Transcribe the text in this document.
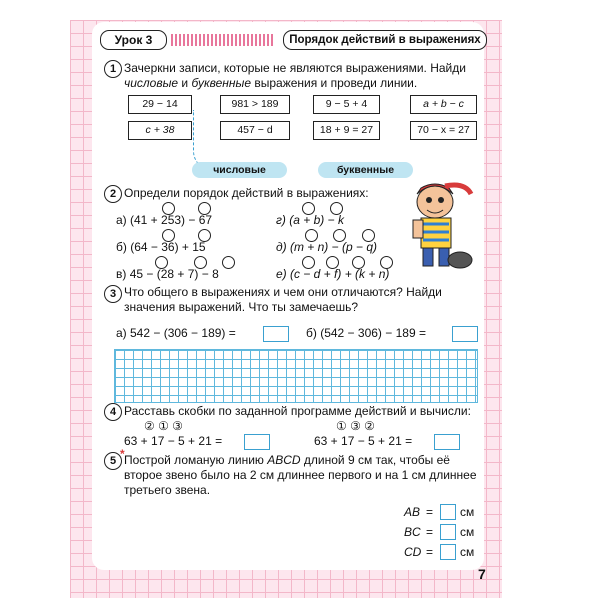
Урок 3	Порядок действий в выражениях
1 Зачеркни записи, которые не являются выражениями. Найди
числовые и буквенные выражения и проведи линии.
29 − 14	981 > 189	9 − 5 + 4	a + b − c
c + 38	457 − d	18 + 9 = 27	70 − x = 27
числовые	буквенные
2 Определи порядок действий в выражениях:
а) (41 + 253) − 67
б) (64 − 36) + 15
в) 45 − (28 + 7) − 8
г) (a + b) − k
д) (m + n) − (p − q)
е) (c − d + f) + (k + n)
3 Что общего в выражениях и чем они отличаются? Найди
значения выражений. Что ты замечаешь?
а) 542 − (306 − 189) =	б) (542 − 306) − 189 =
4 Расставь скобки по заданной программе действий и вычисли:
② ① ③	① ③ ②
63 + 17 − 5 + 21 =	63 + 17 − 5 + 21 =
5 * Построй ломаную линию ABCD длиной 9 см так, чтобы её
второе звено было на 2 см длиннее первого и на 1 см длиннее
третьего звена.
AB = см
BC = см
CD = см
7
